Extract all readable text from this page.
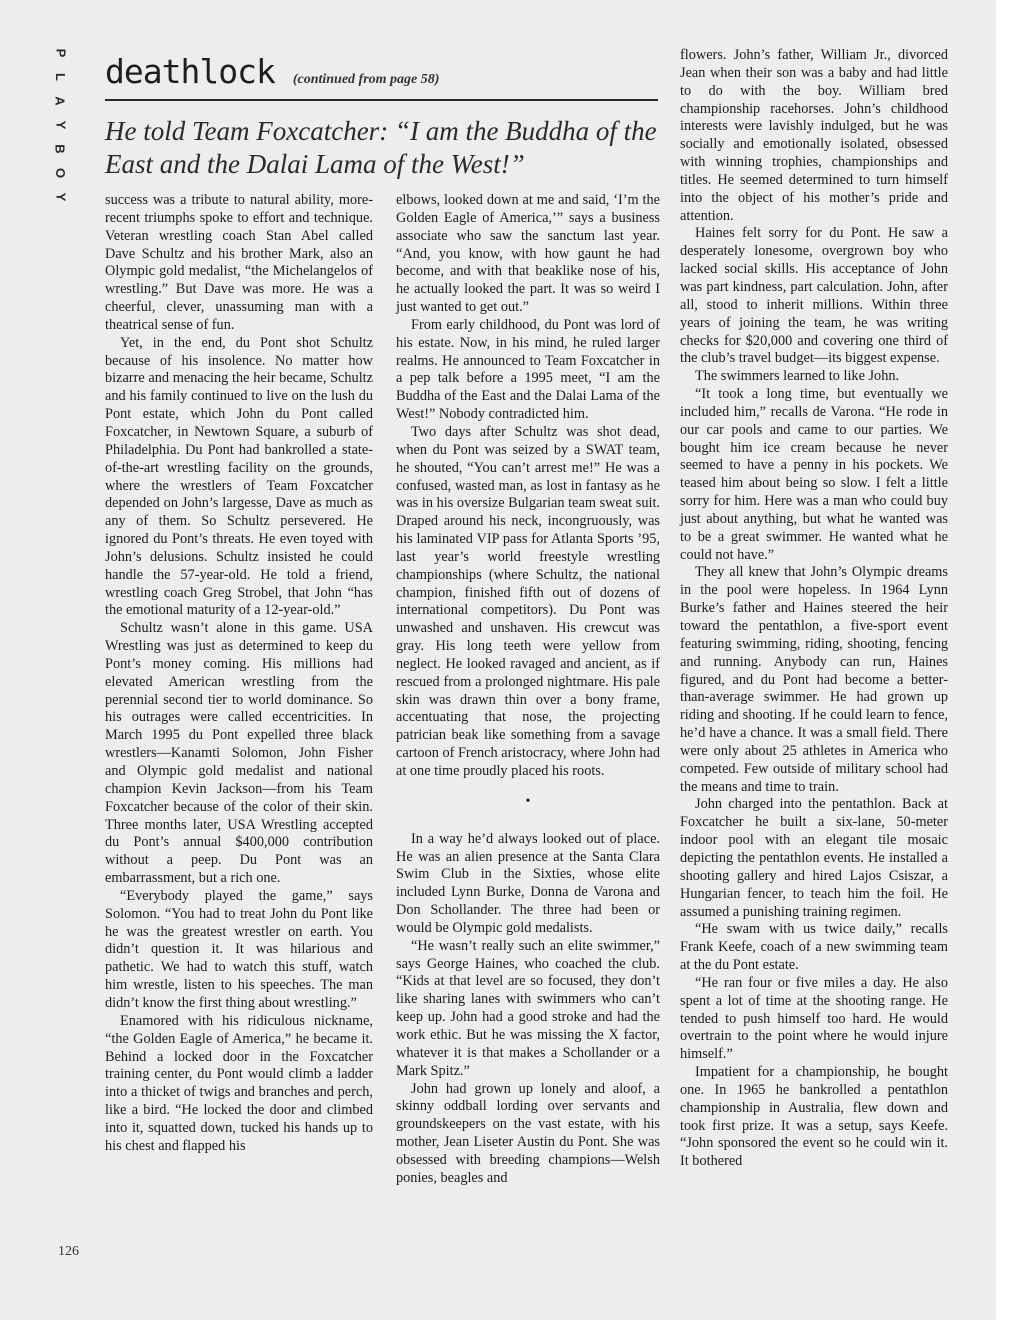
P
L
A
Y
B
O
Y
deathlock (continued from page 58)
He told Team Foxcatcher: “I am the Buddha of the East and the Dalai Lama of the West!”

success was a tribute to natural ability, more-recent triumphs spoke to effort and technique. Veteran wrestling coach Stan Abel called Dave Schultz and his brother Mark, also an Olympic gold medalist, “the Michelangelos of wrestling.” But Dave was more. He was a cheerful, clever, unassuming man with a theatrical sense of fun.

Yet, in the end, du Pont shot Schultz because of his insolence. No matter how bizarre and menacing the heir became, Schultz and his family continued to live on the lush du Pont estate, which John du Pont called Foxcatcher, in Newtown Square, a suburb of Philadelphia. Du Pont had bankrolled a state-of-the-art wrestling facility on the grounds, where the wrestlers of Team Foxcatcher depended on John’s largesse, Dave as much as any of them. So Schultz persevered. He ignored du Pont’s threats. He even toyed with John’s delusions. Schultz insisted he could handle the 57-year-old. He told a friend, wrestling coach Greg Strobel, that John “has the emotional maturity of a 12-year-old.”

Schultz wasn’t alone in this game. USA Wrestling was just as determined to keep du Pont’s money coming. His millions had elevated American wrestling from the perennial second tier to world dominance. So his outrages were called eccentricities. In March 1995 du Pont expelled three black wrestlers—Kanamti Solomon, John Fisher and Olympic gold medalist and national champion Kevin Jackson—from his Team Foxcatcher because of the color of their skin. Three months later, USA Wrestling accepted du Pont’s annual $400,000 contribution without a peep. Du Pont was an embarrassment, but a rich one.

“Everybody played the game,” says Solomon. “You had to treat John du Pont like he was the greatest wrestler on earth. You didn’t question it. It was hilarious and pathetic. We had to watch this stuff, watch him wrestle, listen to his speeches. The man didn’t know the first thing about wrestling.”

Enamored with his ridiculous nickname, “the Golden Eagle of America,” he became it. Behind a locked door in the Foxcatcher training center, du Pont would climb a ladder into a thicket of twigs and branches and perch, like a bird. “He locked the door and climbed into it, squatted down, tucked his hands up to his chest and flapped his

elbows, looked down at me and said, ‘I’m the Golden Eagle of America,’” says a business associate who saw the sanctum last year. “And, you know, with how gaunt he had become, and with that beaklike nose of his, he actually looked the part. It was so weird I just wanted to get out.”

From early childhood, du Pont was lord of his estate. Now, in his mind, he ruled larger realms. He announced to Team Foxcatcher in a pep talk before a 1995 meet, “I am the Buddha of the East and the Dalai Lama of the West!” Nobody contradicted him.

Two days after Schultz was shot dead, when du Pont was seized by a SWAT team, he shouted, “You can’t arrest me!” He was a confused, wasted man, as lost in fantasy as he was in his oversize Bulgarian team sweat suit. Draped around his neck, incongruously, was his laminated VIP pass for Atlanta Sports ’95, last year’s world freestyle wrestling championships (where Schultz, the national champion, finished fifth out of dozens of international competitors). Du Pont was unwashed and unshaven. His crewcut was gray. His long teeth were yellow from neglect. He looked ravaged and ancient, as if rescued from a prolonged nightmare. His pale skin was drawn thin over a bony frame, accentuating that nose, the projecting patrician beak like something from a savage cartoon of French aristocracy, where John had at one time proudly placed his roots.

•

In a way he’d always looked out of place. He was an alien presence at the Santa Clara Swim Club in the Sixties, whose elite included Lynn Burke, Donna de Varona and Don Schollander. The three had been or would be Olympic gold medalists.

“He wasn’t really such an elite swimmer,” says George Haines, who coached the club. “Kids at that level are so focused, they don’t like sharing lanes with swimmers who can’t keep up. John had a good stroke and had the work ethic. But he was missing the X factor, whatever it is that makes a Schollander or a Mark Spitz.”

John had grown up lonely and aloof, a skinny oddball lording over servants and groundskeepers on the vast estate, with his mother, Jean Liseter Austin du Pont. She was obsessed with breeding champions—Welsh ponies, beagles and

flowers. John’s father, William Jr., divorced Jean when their son was a baby and had little to do with the boy. William bred championship racehorses. John’s childhood interests were lavishly indulged, but he was socially and emotionally isolated, obsessed with winning trophies, championships and titles. He seemed determined to turn himself into the object of his mother’s pride and attention.

Haines felt sorry for du Pont. He saw a desperately lonesome, overgrown boy who lacked social skills. His acceptance of John was part kindness, part calculation. John, after all, stood to inherit millions. Within three years of joining the team, he was writing checks for $20,000 and covering one third of the club’s travel budget—its biggest expense.

The swimmers learned to like John.

“It took a long time, but eventually we included him,” recalls de Varona. “He rode in our car pools and came to our parties. We bought him ice cream because he never seemed to have a penny in his pockets. We teased him about being so slow. I felt a little sorry for him. Here was a man who could buy just about anything, but what he wanted was to be a great swimmer. He wanted what he could not have.”

They all knew that John’s Olympic dreams in the pool were hopeless. In 1964 Lynn Burke’s father and Haines steered the heir toward the pentathlon, a five-sport event featuring swimming, riding, shooting, fencing and running. Anybody can run, Haines figured, and du Pont had become a better-than-average swimmer. He had grown up riding and shooting. If he could learn to fence, he’d have a chance. It was a small field. There were only about 25 athletes in America who competed. Few outside of military school had the means and time to train.

John charged into the pentathlon. Back at Foxcatcher he built a six-lane, 50-meter indoor pool with an elegant tile mosaic depicting the pentathlon events. He installed a shooting gallery and hired Lajos Csiszar, a Hungarian fencer, to teach him the foil. He assumed a punishing training regimen.

“He swam with us twice daily,” recalls Frank Keefe, coach of a new swimming team at the du Pont estate.

“He ran four or five miles a day. He also spent a lot of time at the shooting range. He tended to push himself too hard. He would overtrain to the point where he would injure himself.”

Impatient for a championship, he bought one. In 1965 he bankrolled a pentathlon championship in Australia, flew down and took first prize. It was a setup, says Keefe. “John sponsored the event so he could win it. It bothered

126
